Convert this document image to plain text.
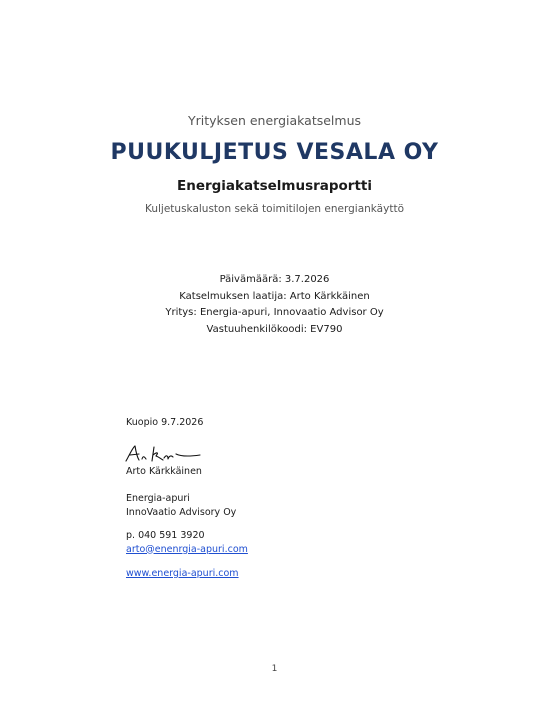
Yrityksen energiakatselmus
PUUKULJETUS VESALA OY
Energiakatselmusraportti
Kuljetuskaluston sekä toimitilojen energiankäyttö
Päivämäärä: 3.7.2026
Katselmuksen laatija: Arto Kärkkäinen
Yritys: Energia-apuri, Innovaatio Advisor Oy
Vastuuhenkilökoodi: EV790
Kuopio 9.7.2026
Arto Kärkkäinen
Energia-apuri
InnoVaatio Advisory Oy
p. 040 591 3920
arto@enenrgia-apuri.com
www.energia-apuri.com
1
